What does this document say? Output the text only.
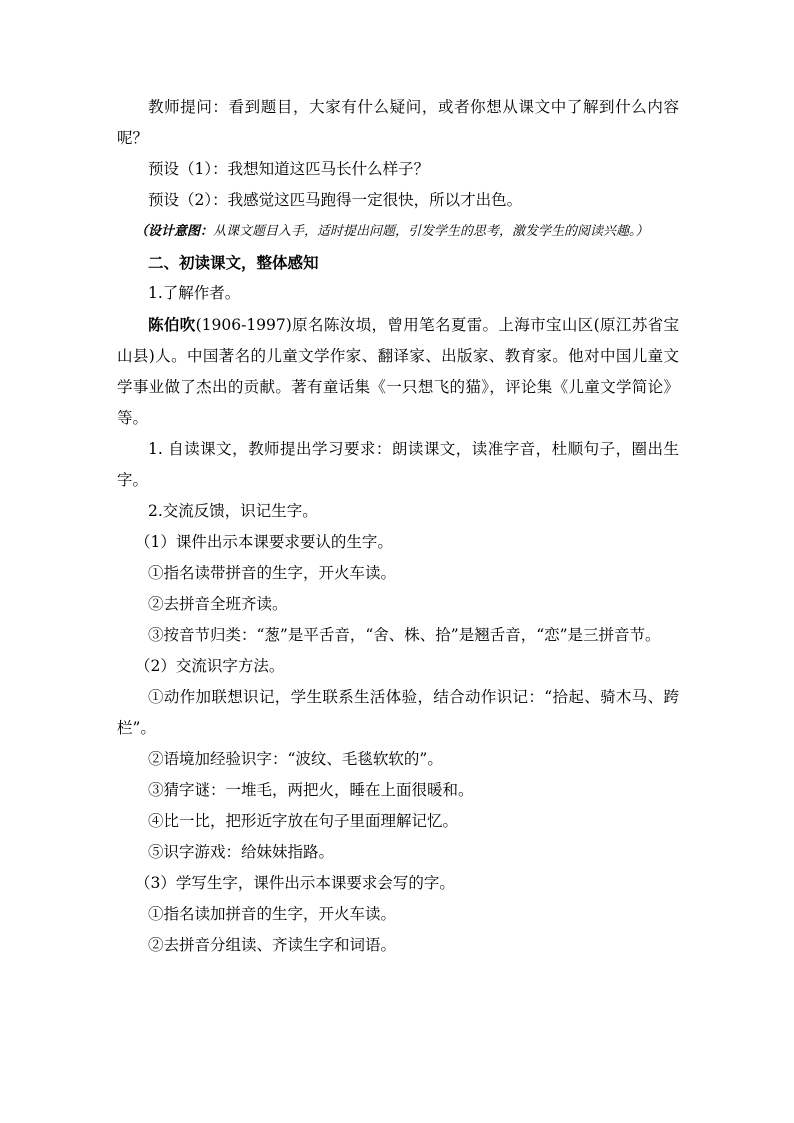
教师提问：看到题目，大家有什么疑问，或者你想从课文中了解到什么内容呢？

预设（1）：我想知道这匹马长什么样子？

预设（2）：我感觉这匹马跑得一定很快，所以才出色。

（设计意图：从课文题目入手，适时提出问题，引发学生的思考，激发学生的阅读兴趣。）

二、初读课文，整体感知

1.了解作者。

陈伯吹(1906-1997)原名陈汝埙，曾用笔名夏雷。上海市宝山区(原江苏省宝山县)人。中国著名的儿童文学作家、翻译家、出版家、教育家。他对中国儿童文学事业做了杰出的贡献。著有童话集《一只想飞的猫》，评论集《儿童文学简论》等。

1. 自读课文，教师提出学习要求：朗读课文，读准字音，杜顺句子，圈出生字。

2.交流反馈，识记生字。

（1）课件出示本课要求要认的生字。

①指名读带拼音的生字，开火车读。

②去拼音全班齐读。

③按音节归类：“葱”是平舌音，“舍、株、拾”是翘舌音，“恋”是三拼音节。

（2）交流识字方法。

①动作加联想识记，学生联系生活体验，结合动作识记：“拾起、骑木马、跨栏”。

②语境加经验识字：“波纹、毛毯软软的”。

③猜字谜：一堆毛，两把火，睡在上面很暖和。

④比一比，把形近字放在句子里面理解记忆。

⑤识字游戏：给妹妹指路。

（3）学写生字，课件出示本课要求会写的字。

①指名读加拼音的生字，开火车读。

②去拼音分组读、齐读生字和词语。
